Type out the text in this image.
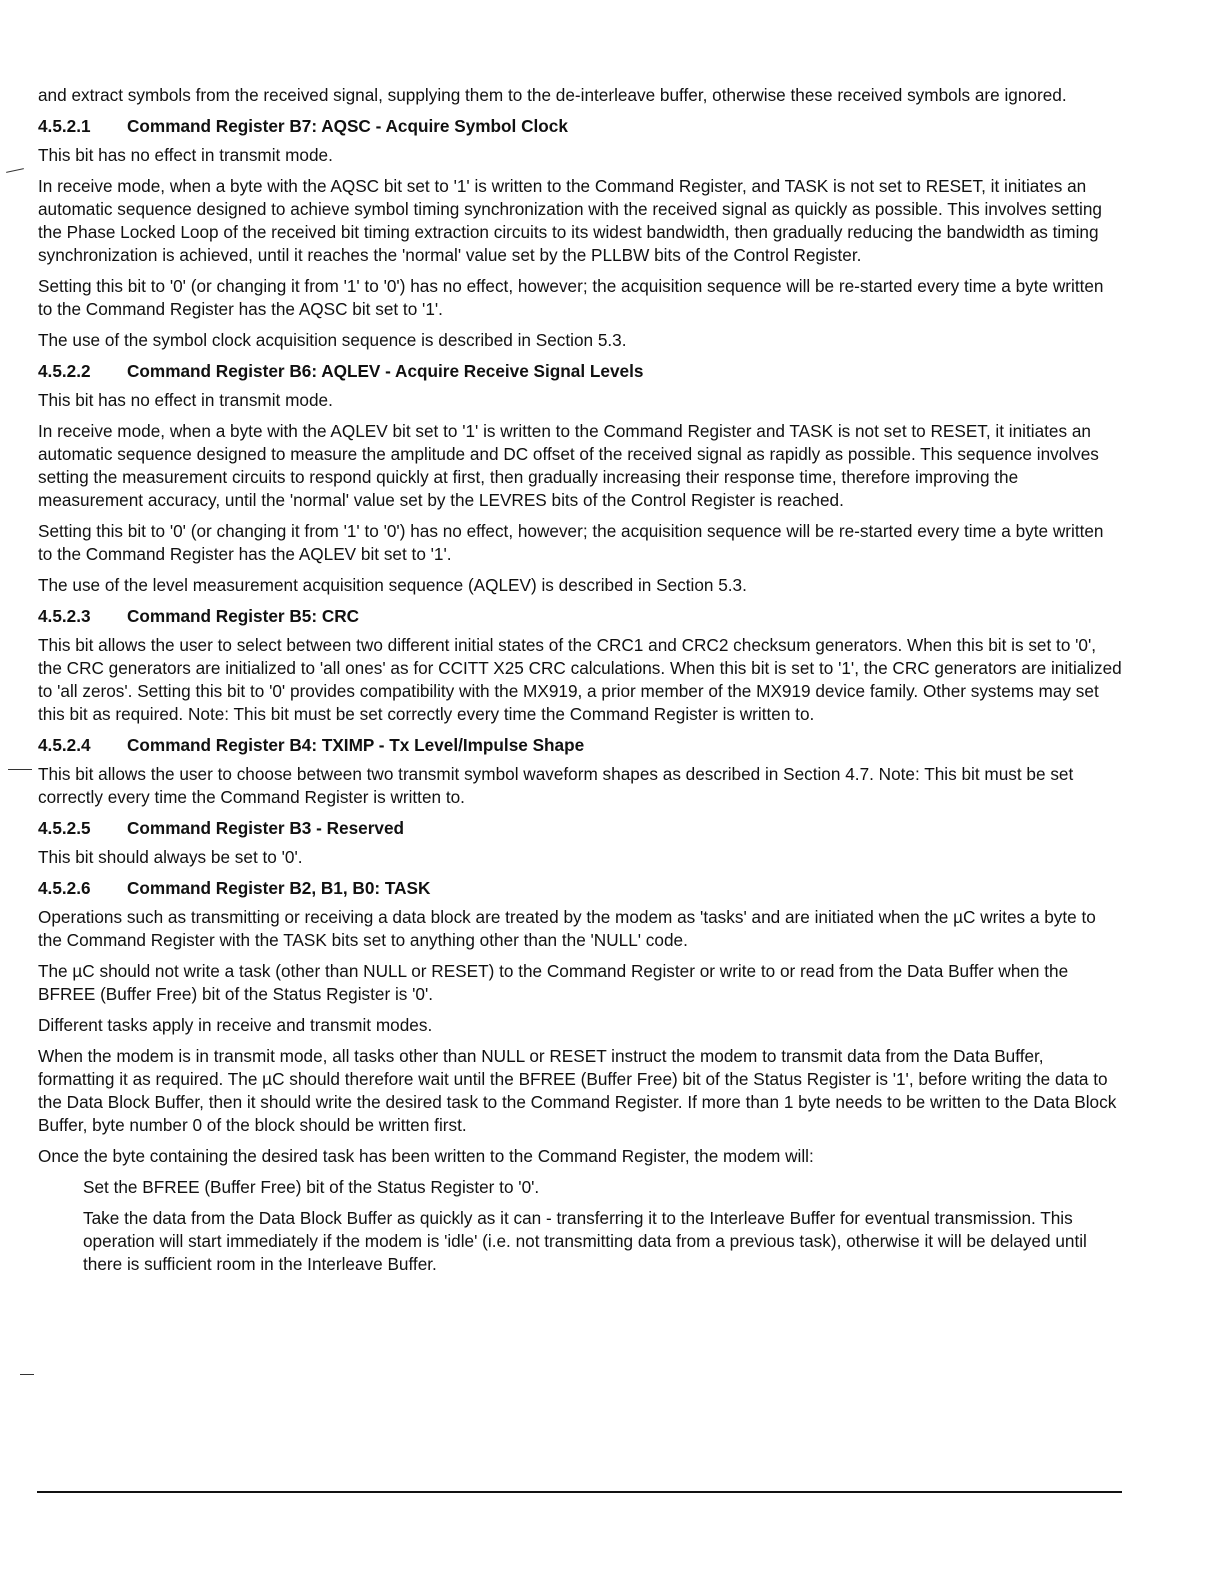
and extract symbols from the received signal, supplying them to the de-interleave buffer, otherwise these received symbols are ignored.

4.5.2.1 Command Register B7: AQSC - Acquire Symbol Clock

This bit has no effect in transmit mode.

In receive mode, when a byte with the AQSC bit set to '1' is written to the Command Register, and TASK is not set to RESET, it initiates an automatic sequence designed to achieve symbol timing synchronization with the received signal as quickly as possible. This involves setting the Phase Locked Loop of the received bit timing extraction circuits to its widest bandwidth, then gradually reducing the bandwidth as timing synchronization is achieved, until it reaches the 'normal' value set by the PLLBW bits of the Control Register.

Setting this bit to '0' (or changing it from '1' to '0') has no effect, however; the acquisition sequence will be re-started every time a byte written to the Command Register has the AQSC bit set to '1'.

The use of the symbol clock acquisition sequence is described in Section 5.3.

4.5.2.2 Command Register B6: AQLEV - Acquire Receive Signal Levels

This bit has no effect in transmit mode.

In receive mode, when a byte with the AQLEV bit set to '1' is written to the Command Register and TASK is not set to RESET, it initiates an automatic sequence designed to measure the amplitude and DC offset of the received signal as rapidly as possible. This sequence involves setting the measurement circuits to respond quickly at first, then gradually increasing their response time, therefore improving the measurement accuracy, until the 'normal' value set by the LEVRES bits of the Control Register is reached.

Setting this bit to '0' (or changing it from '1' to '0') has no effect, however; the acquisition sequence will be re-started every time a byte written to the Command Register has the AQLEV bit set to '1'.

The use of the level measurement acquisition sequence (AQLEV) is described in Section 5.3.

4.5.2.3 Command Register B5: CRC

This bit allows the user to select between two different initial states of the CRC1 and CRC2 checksum generators. When this bit is set to '0', the CRC generators are initialized to 'all ones' as for CCITT X25 CRC calculations. When this bit is set to '1', the CRC generators are initialized to 'all zeros'. Setting this bit to '0' provides compatibility with the MX919, a prior member of the MX919 device family. Other systems may set this bit as required. Note: This bit must be set correctly every time the Command Register is written to.

4.5.2.4 Command Register B4: TXIMP - Tx Level/Impulse Shape

This bit allows the user to choose between two transmit symbol waveform shapes as described in Section 4.7. Note: This bit must be set correctly every time the Command Register is written to.

4.5.2.5 Command Register B3 - Reserved

This bit should always be set to '0'.

4.5.2.6 Command Register B2, B1, B0: TASK

Operations such as transmitting or receiving a data block are treated by the modem as 'tasks' and are initiated when the µC writes a byte to the Command Register with the TASK bits set to anything other than the 'NULL' code.

The µC should not write a task (other than NULL or RESET) to the Command Register or write to or read from the Data Buffer when the BFREE (Buffer Free) bit of the Status Register is '0'.

Different tasks apply in receive and transmit modes.

When the modem is in transmit mode, all tasks other than NULL or RESET instruct the modem to transmit data from the Data Buffer, formatting it as required. The µC should therefore wait until the BFREE (Buffer Free) bit of the Status Register is '1', before writing the data to the Data Block Buffer, then it should write the desired task to the Command Register. If more than 1 byte needs to be written to the Data Block Buffer, byte number 0 of the block should be written first.

Once the byte containing the desired task has been written to the Command Register, the modem will:

Set the BFREE (Buffer Free) bit of the Status Register to '0'.

Take the data from the Data Block Buffer as quickly as it can - transferring it to the Interleave Buffer for eventual transmission. This operation will start immediately if the modem is 'idle' (i.e. not transmitting data from a previous task), otherwise it will be delayed until there is sufficient room in the Interleave Buffer.
